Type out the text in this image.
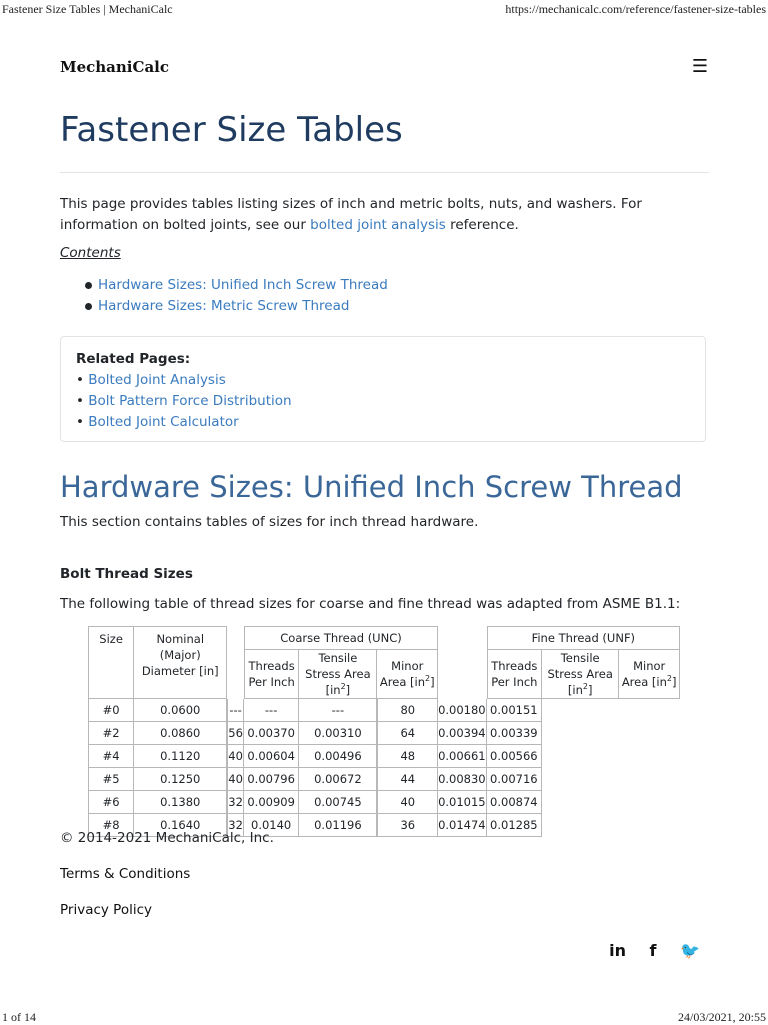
Fastener Size Tables | MechaniCalc	https://mechanicalc.com/reference/fastener-size-tables
MechaniCalc	☰
Fastener Size Tables

This page provides tables listing sizes of inch and metric bolts, nuts, and washers. For information on bolted joints, see our bolted joint analysis reference.

Contents
Hardware Sizes: Unified Inch Screw Thread
Hardware Sizes: Metric Screw Thread
Related Pages:
• Bolted Joint Analysis
• Bolt Pattern Force Distribution
• Bolted Joint Calculator
Hardware Sizes: Unified Inch Screw Thread

This section contains tables of sizes for inch thread hardware.

Bolt Thread Sizes

The following table of thread sizes for coarse and fine thread was adapted from ASME B1.1:

Size	Nominal (Major) Diameter [in]		Coarse Thread (UNC)				Fine Thread (UNF)		
			Threads Per Inch	Tensile Stress Area $[in^2]$	Minor Area $[in^2]$		Threads Per Inch	Tensile Stress Area $[in^2]$	Minor Area $[in^2]$
#0	0.0600	---	---	---	80	0.00180	0.00151		
#2	0.0860	56	0.00370	0.00310	64	0.00394	0.00339		
#4	0.1120	40	0.00604	0.00496	48	0.00661	0.00566		
#5	0.1250	40	0.00796	0.00672	44	0.00830	0.00716		
#6	0.1380	32	0.00909	0.00745	40	0.01015	0.00874		
#8	0.1640	32	0.0140	0.01196	36	0.01474	0.01285		

© 2014-2021 MechaniCalc, Inc.

Terms & Conditions
Privacy Policy
in f 🐦
1 of 14	24/03/2021, 20:55
